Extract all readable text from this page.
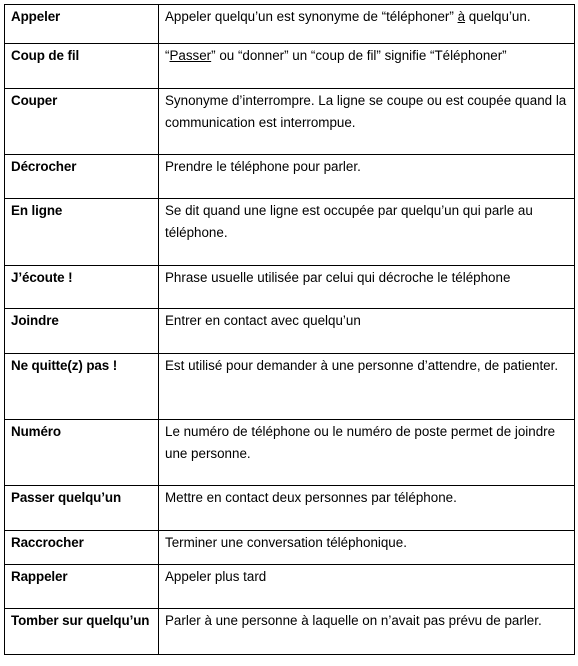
Appeler	Appeler quelqu’un est synonyme de “téléphoner” à quelqu’un.
Coup de fil	“Passer” ou “donner” un “coup de fil” signifie “Téléphoner”
Couper	Synonyme d’interrompre. La ligne se coupe ou est coupée quand la communication est interrompue.
Décrocher	Prendre le téléphone pour parler.
En ligne	Se dit quand une ligne est occupée par quelqu’un qui parle au téléphone.
J’écoute !	Phrase usuelle utilisée par celui qui décroche le téléphone
Joindre	Entrer en contact avec quelqu’un
Ne quitte(z) pas !	Est utilisé pour demander à une personne d’attendre, de patienter.
Numéro	Le numéro de téléphone ou le numéro de poste permet de joindre une personne.
Passer quelqu’un	Mettre en contact deux personnes par téléphone.
Raccrocher	Terminer une conversation téléphonique.
Rappeler	Appeler plus tard
Tomber sur quelqu’un	Parler à une personne à laquelle on n’avait pas prévu de parler.
